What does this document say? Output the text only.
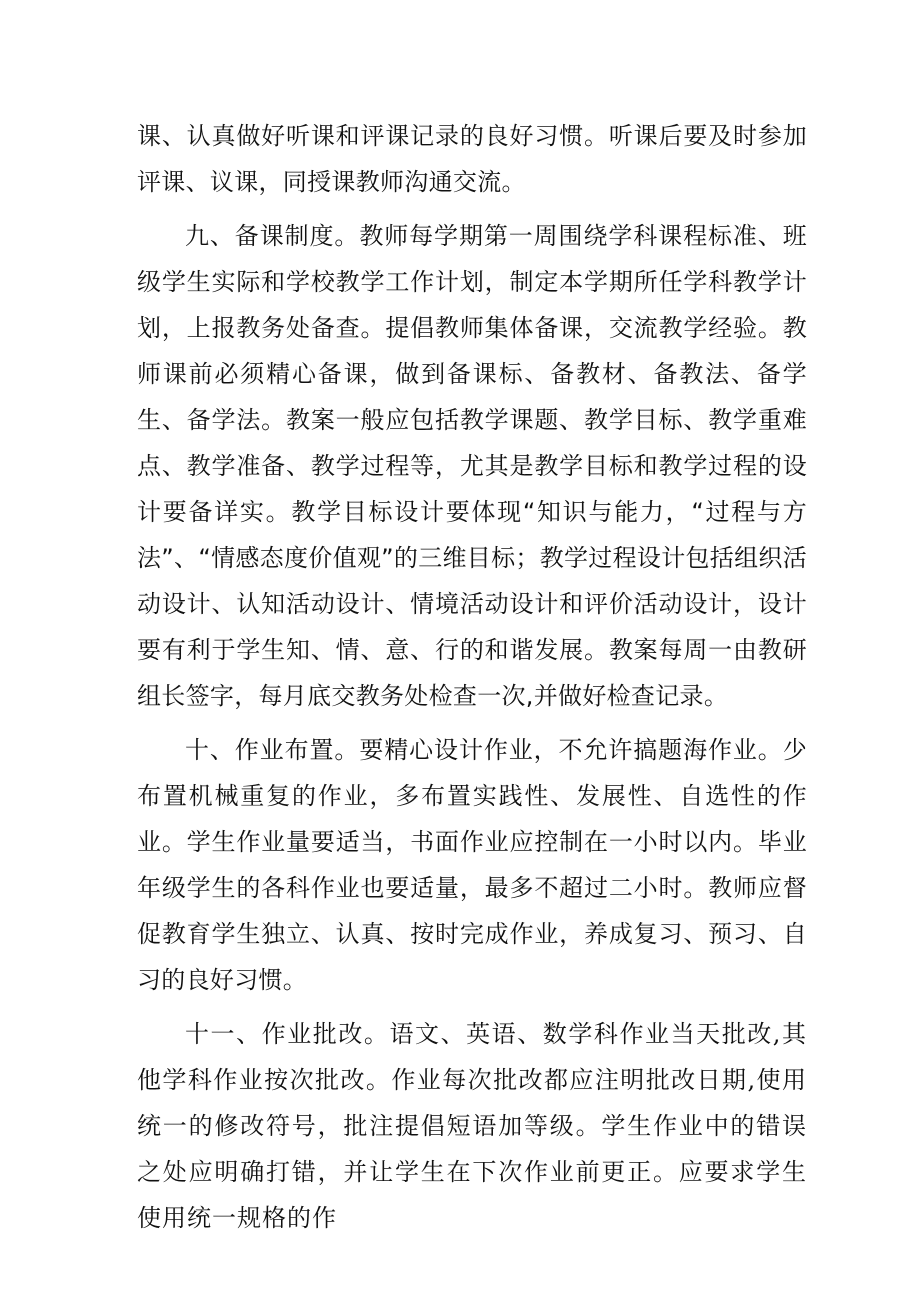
课、认真做好听课和评课记录的良好习惯。听课后要及时参加评课、议课，同授课教师沟通交流。

九、备课制度。教师每学期第一周围绕学科课程标准、班级学生实际和学校教学工作计划，制定本学期所任学科教学计划，上报教务处备查。提倡教师集体备课，交流教学经验。教师课前必须精心备课，做到备课标、备教材、备教法、备学生、备学法。教案一般应包括教学课题、教学目标、教学重难点、教学准备、教学过程等，尤其是教学目标和教学过程的设计要备详实。教学目标设计要体现“知识与能力，“过程与方法”、“情感态度价值观”的三维目标；教学过程设计包括组织活动设计、认知活动设计、情境活动设计和评价活动设计，设计要有利于学生知、情、意、行的和谐发展。教案每周一由教研组长签字，每月底交教务处检查一次,并做好检查记录。

十、作业布置。要精心设计作业，不允许搞题海作业。少布置机械重复的作业，多布置实践性、发展性、自选性的作业。学生作业量要适当，书面作业应控制在一小时以内。毕业年级学生的各科作业也要适量，最多不超过二小时。教师应督促教育学生独立、认真、按时完成作业，养成复习、预习、自习的良好习惯。

十一、作业批改。语文、英语、数学科作业当天批改,其他学科作业按次批改。作业每次批改都应注明批改日期,使用统一的修改符号，批注提倡短语加等级。学生作业中的错误之处应明确打错，并让学生在下次作业前更正。应要求学生使用统一规格的作
